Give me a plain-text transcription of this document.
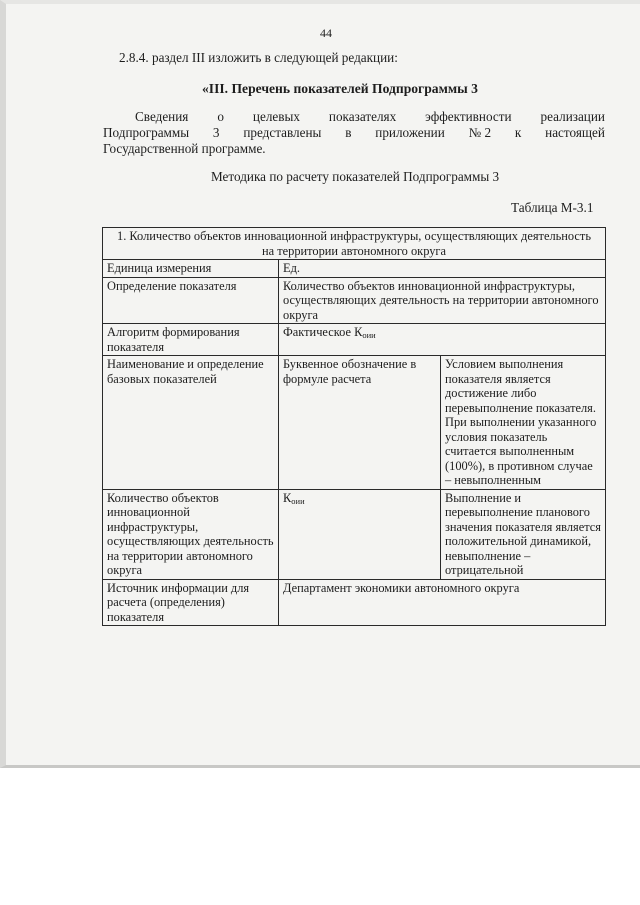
44
2.8.4. раздел III изложить в следующей редакции:
«III. Перечень показателей Подпрограммы 3
Сведения о целевых показателях эффективности реализации
Подпрограммы 3 представлены в приложении № 2 к настоящей
Государственной программе.
Методика по расчету показателей Подпрограммы 3
Таблица М-3.1
1. Количество объектов инновационной инфраструктуры, осуществляющих деятельность на территории автономного округа		
Единица измерения	Ед.	
Определение показателя	Количество объектов инновационной инфраструктуры, осуществляющих деятельность на территории автономного округа	
Алгоритм формирования показателя	Фактическое $К_{оии}$
Наименование и определение базовых показателей	Буквенное обозначение в формуле расчета	Условием выполнения показателя является достижение либо перевыполнение показателя. При выполнении указанного условия показатель считается выполненным (100%), в противном случае – невыполненным
Количество объектов инновационной инфраструктуры, осуществляющих деятельность на территории автономного округа	$К_{оии}$	Выполнение и перевыполнение планового значения показателя является положительной динамикой, невыполнение – отрицательной
Источник информации для расчета (определения) показателя	Департамент экономики автономного округа	
